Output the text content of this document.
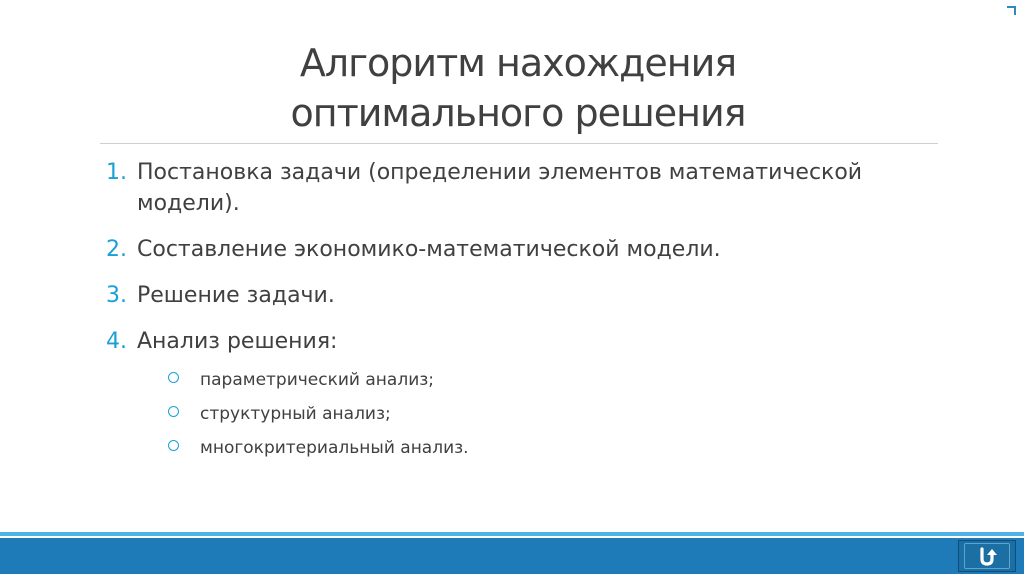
Алгоритм нахождения
оптимального решения
1. Постановка задачи (определении элементов математической модели).
2. Составление экономико-математической модели.
3. Решение задачи.
4. Анализ решения:
параметрический анализ;
структурный анализ;
многокритериальный анализ.
